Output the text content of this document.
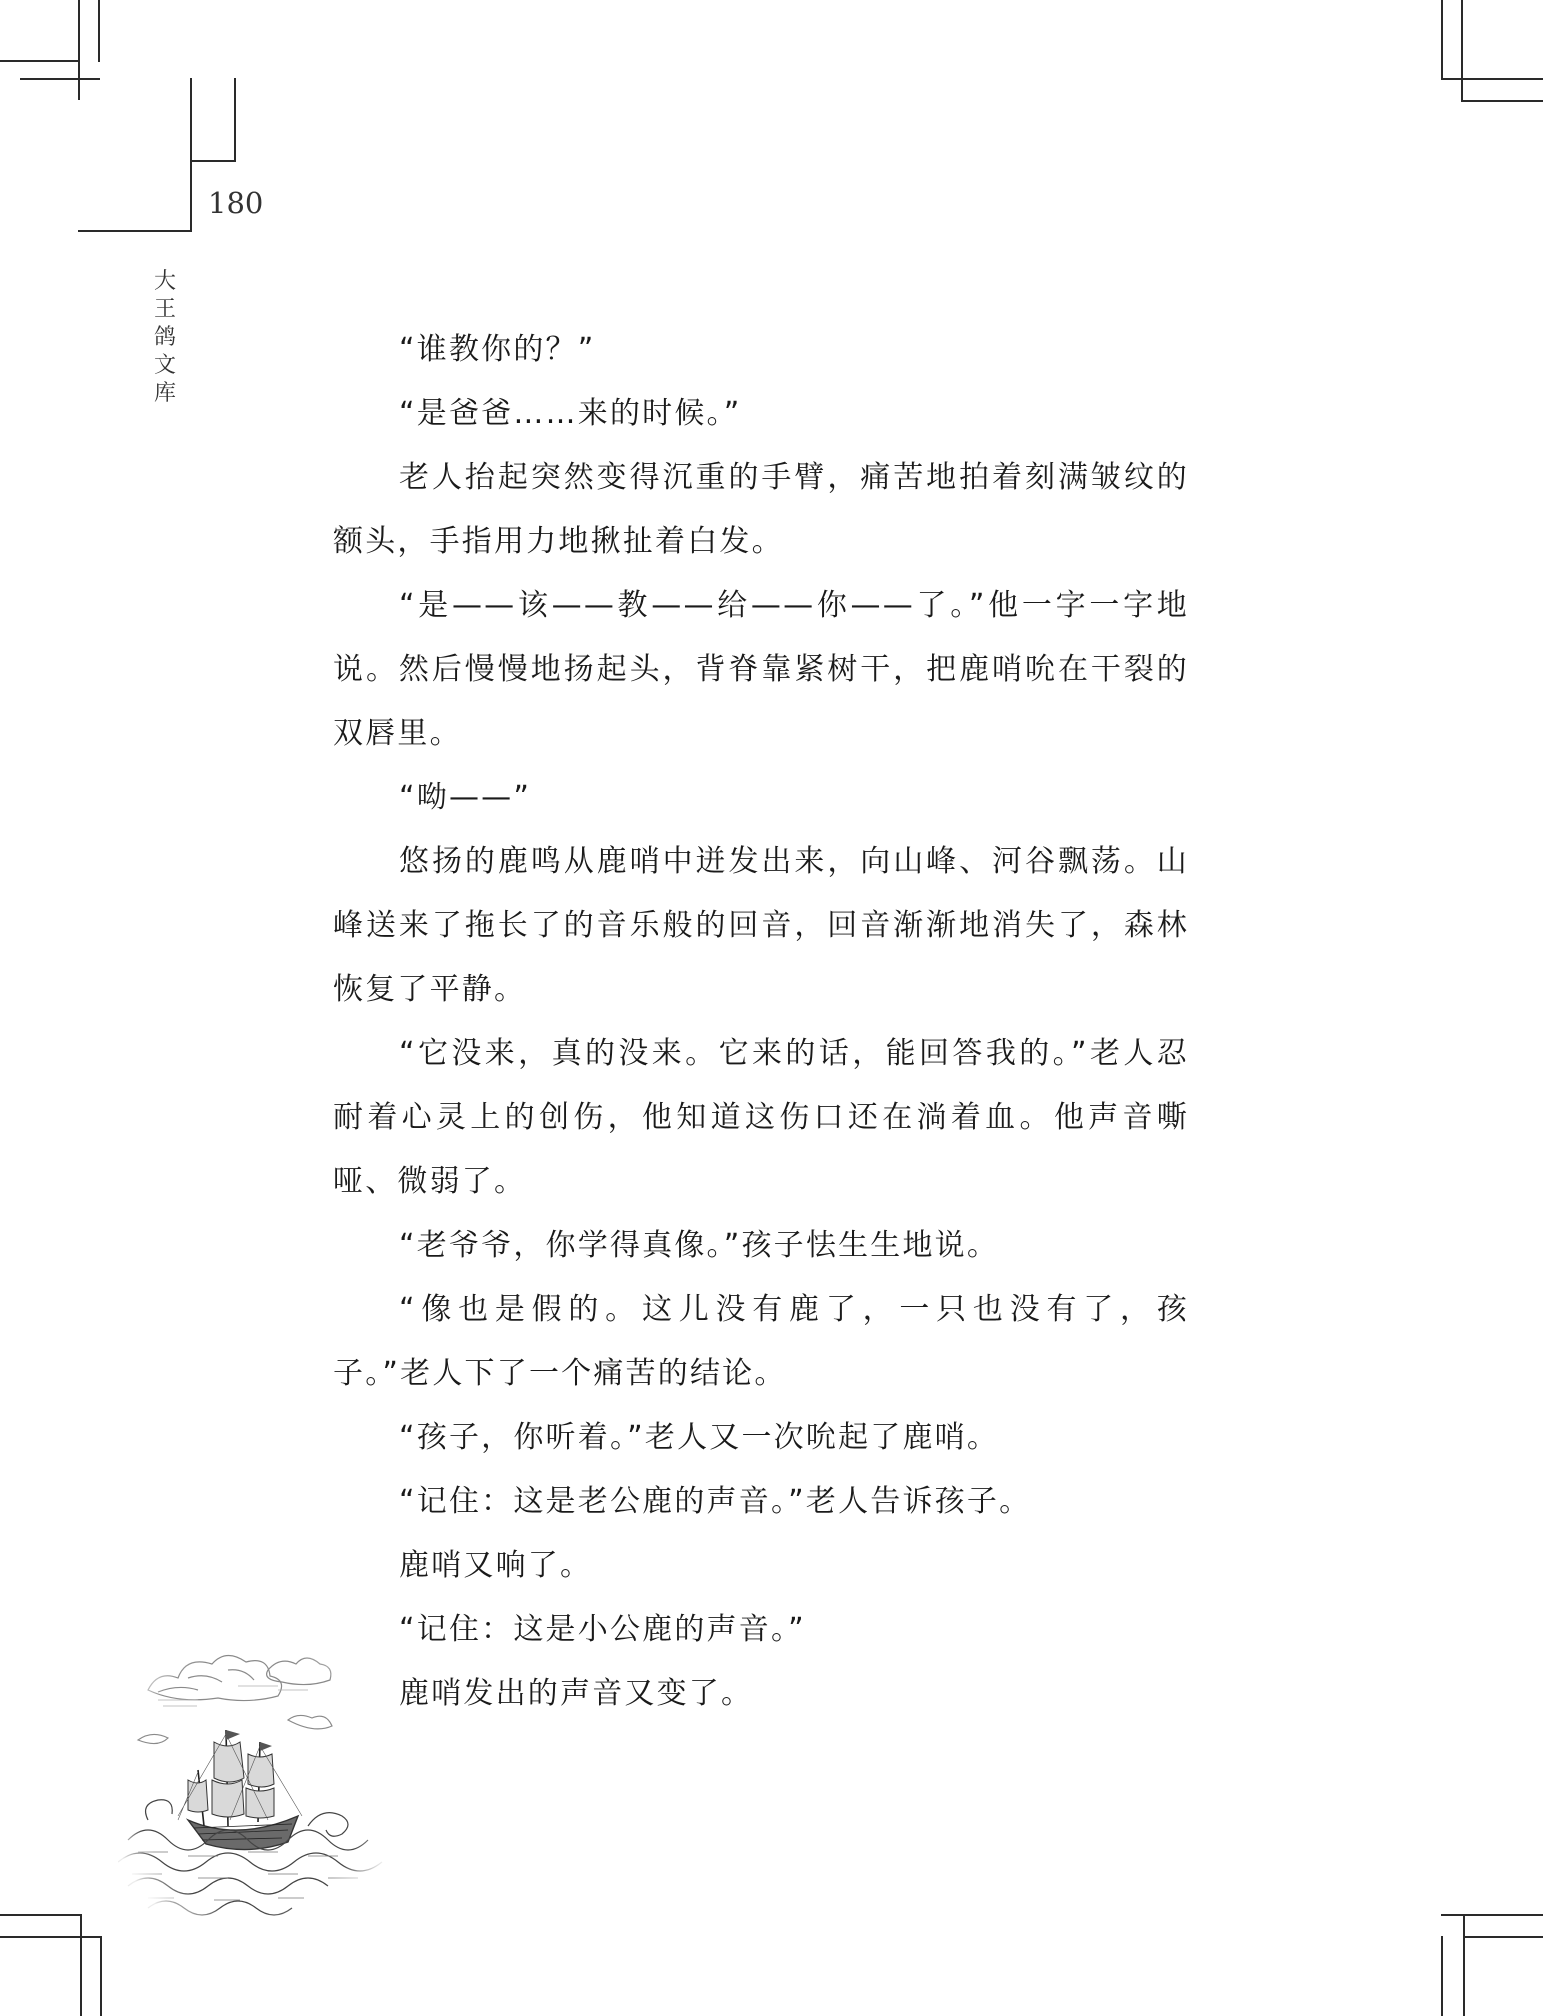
180
大王鸽文库

“谁教你的？”

“是爸爸……来的时候。”

老人抬起突然变得沉重的手臂，痛苦地拍着刻满皱纹的额头，手指用力地揪扯着白发。

“是——该——教——给——你——了。”他一字一字地说。然后慢慢地扬起头，背脊靠紧树干，把鹿哨吮在干裂的双唇里。

“呦——”

悠扬的鹿鸣从鹿哨中迸发出来，向山峰、河谷飘荡。山峰送来了拖长了的音乐般的回音，回音渐渐地消失了，森林恢复了平静。

“它没来，真的没来。它来的话，能回答我的。”老人忍耐着心灵上的创伤，他知道这伤口还在淌着血。他声音嘶哑、微弱了。

“老爷爷，你学得真像。”孩子怯生生地说。

“像也是假的。这儿没有鹿了，一只也没有了，孩子。”老人下了一个痛苦的结论。

“孩子，你听着。”老人又一次吮起了鹿哨。

“记住：这是老公鹿的声音。”老人告诉孩子。

鹿哨又响了。

“记住：这是小公鹿的声音。”

鹿哨发出的声音又变了。
